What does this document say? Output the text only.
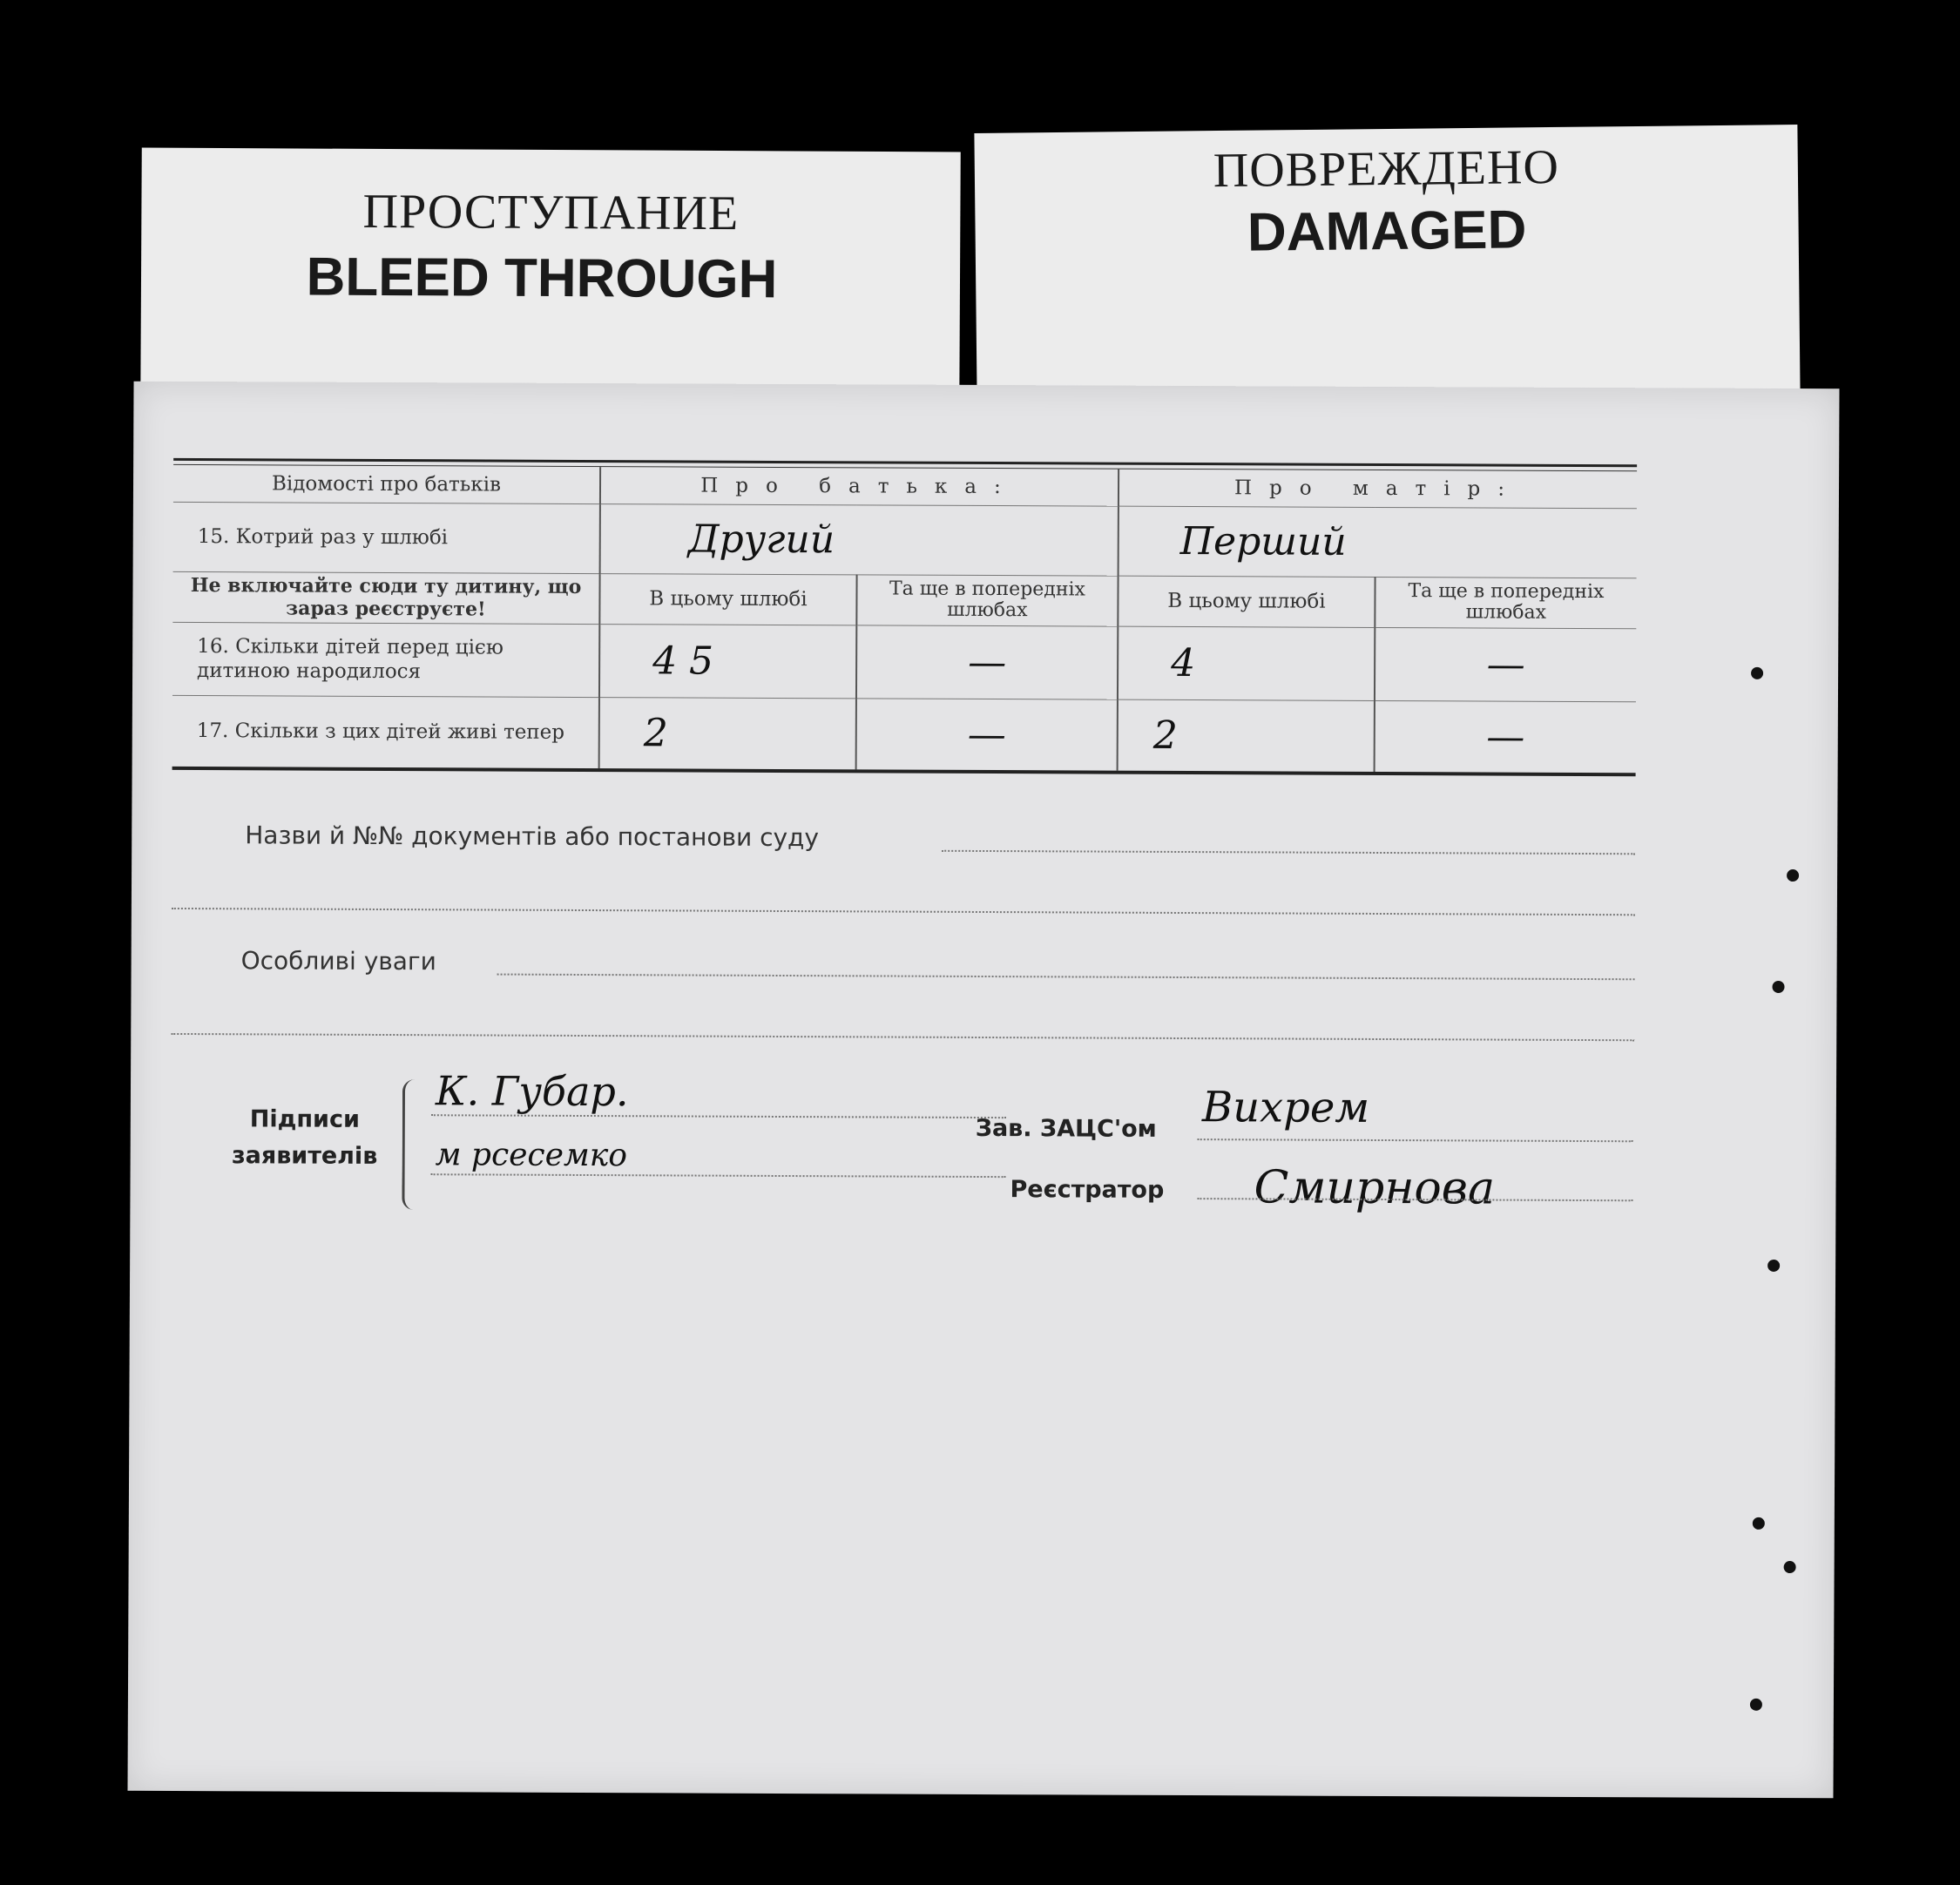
ПРОСТУПАНИЕ
BLEED THROUGH
ПОВРЕЖДЕНО
DAMAGED
Відомості про батьків	Про батька:		Про матір:	
15. Котрий раз у шлюбі	Другий		Перший	
Не включайте сюди ту дитину, що зараз реєструєте!	В цьому шлюбі	Та ще в попередніх шлюбах	В цьому шлюбі	Та ще в попередніх шлюбах
16. Скільки дітей перед цією дитиною народилося	4 5	—	4	—
17. Скільки з цих дітей живі тепер	2	—	2	—
Назви й №№ документів або постанови суду
Особливі уваги
Підписи заявителів
К. Губар.
м рсесемко
Зав. ЗАЦС'ом Вихрем
Реєстратор Смирнова
